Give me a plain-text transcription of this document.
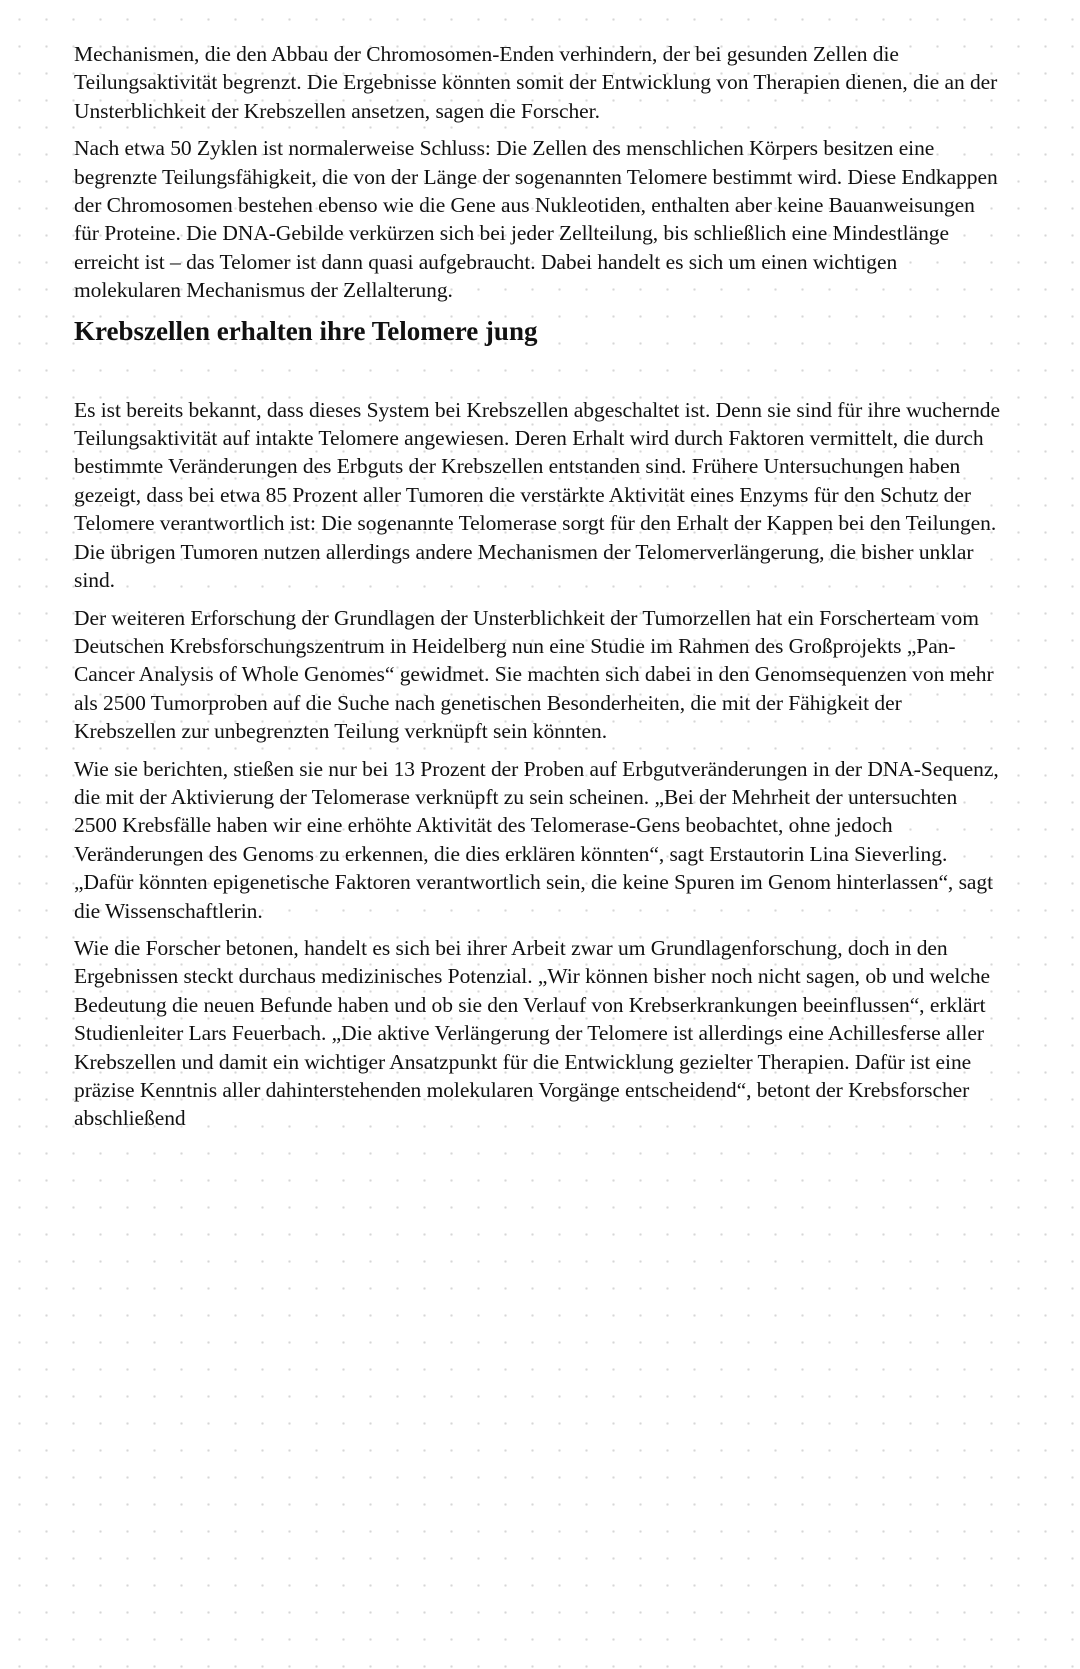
Mechanismen, die den Abbau der Chromosomen-Enden verhindern, der bei gesunden Zellen die Teilungsaktivität begrenzt. Die Ergebnisse könnten somit der Entwicklung von Therapien dienen, die an der Unsterblichkeit der Krebszellen ansetzen, sagen die Forscher.

Nach etwa 50 Zyklen ist normalerweise Schluss: Die Zellen des menschlichen Körpers besitzen eine begrenzte Teilungsfähigkeit, die von der Länge der sogenannten Telomere bestimmt wird. Diese Endkappen der Chromosomen bestehen ebenso wie die Gene aus Nukleotiden, enthalten aber keine Bauanweisungen für Proteine. Die DNA-Gebilde verkürzen sich bei jeder Zellteilung, bis schließlich eine Mindestlänge erreicht ist – das Telomer ist dann quasi aufgebraucht. Dabei handelt es sich um einen wichtigen molekularen Mechanismus der Zellalterung.

Krebszellen erhalten ihre Telomere jung

Es ist bereits bekannt, dass dieses System bei Krebszellen abgeschaltet ist. Denn sie sind für ihre wuchernde Teilungsaktivität auf intakte Telomere angewiesen. Deren Erhalt wird durch Faktoren vermittelt, die durch bestimmte Veränderungen des Erbguts der Krebszellen entstanden sind. Frühere Untersuchungen haben gezeigt, dass bei etwa 85 Prozent aller Tumoren die verstärkte Aktivität eines Enzyms für den Schutz der Telomere verantwortlich ist: Die sogenannte Telomerase sorgt für den Erhalt der Kappen bei den Teilungen. Die übrigen Tumoren nutzen allerdings andere Mechanismen der Telomerverlängerung, die bisher unklar sind.

Der weiteren Erforschung der Grundlagen der Unsterblichkeit der Tumorzellen hat ein Forscherteam vom Deutschen Krebsforschungszentrum in Heidelberg nun eine Studie im Rahmen des Großprojekts „Pan-Cancer Analysis of Whole Genomes“ gewidmet. Sie machten sich dabei in den Genomsequenzen von mehr als 2500 Tumorproben auf die Suche nach genetischen Besonderheiten, die mit der Fähigkeit der Krebszellen zur unbegrenzten Teilung verknüpft sein könnten.

Wie sie berichten, stießen sie nur bei 13 Prozent der Proben auf Erbgutveränderungen in der DNA-Sequenz, die mit der Aktivierung der Telomerase verknüpft zu sein scheinen. „Bei der Mehrheit der untersuchten 2500 Krebsfälle haben wir eine erhöhte Aktivität des Telomerase-Gens beobachtet, ohne jedoch Veränderungen des Genoms zu erkennen, die dies erklären könnten“, sagt Erstautorin Lina Sieverling. „Dafür könnten epigenetische Faktoren verantwortlich sein, die keine Spuren im Genom hinterlassen“, sagt die Wissenschaftlerin.

Wie die Forscher betonen, handelt es sich bei ihrer Arbeit zwar um Grundlagenforschung, doch in den Ergebnissen steckt durchaus medizinisches Potenzial. „Wir können bisher noch nicht sagen, ob und welche Bedeutung die neuen Befunde haben und ob sie den Verlauf von Krebserkrankungen beeinflussen“, erklärt Studienleiter Lars Feuerbach. „Die aktive Verlängerung der Telomere ist allerdings eine Achillesferse aller Krebszellen und damit ein wichtiger Ansatzpunkt für die Entwicklung gezielter Therapien. Dafür ist eine präzise Kenntnis aller dahinterstehenden molekularen Vorgänge entscheidend“, betont der Krebsforscher abschließend
